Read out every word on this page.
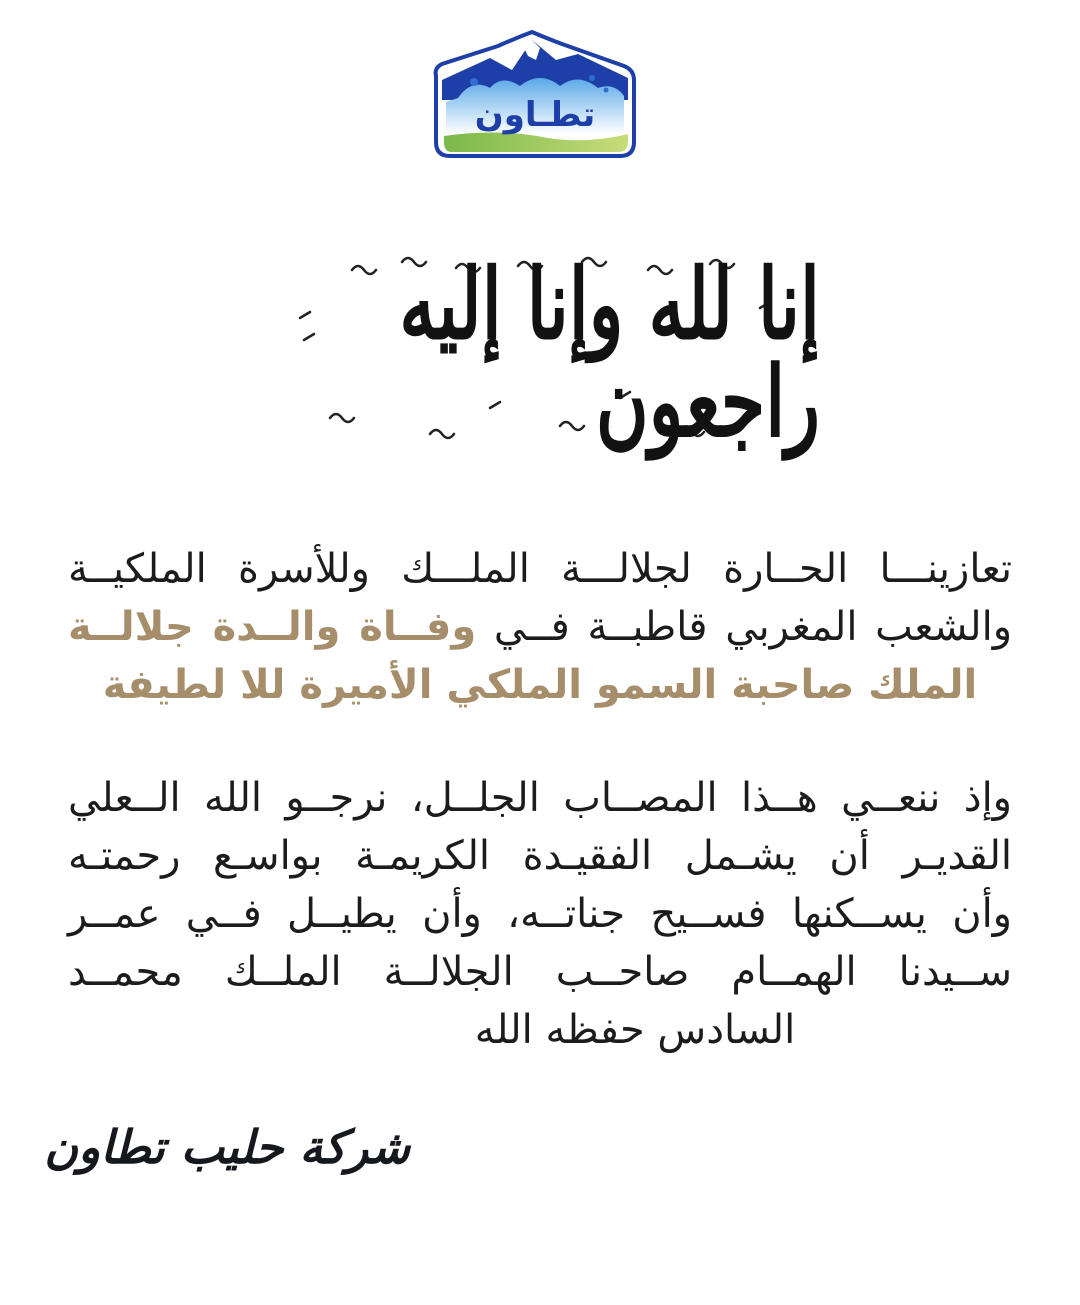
تطـاون
إنا لله وإنا إليه راجعون
تعازينـــا الحــارة لجلالـــة الملـــك وللأسرة الملكيــة
والشعب المغربي قاطبــة فــي وفــاة والــدة جلالــة
الملك صاحبة السمو الملكي الأميرة للا لطيفة
وإذ ننعــي هــذا المصــاب الجلــل، نرجــو الله الــعلي
القديـر أن يشـمل الفقيـدة الكريمـة بواسـع رحمتـه
وأن يســكنها فســيح جناتــه، وأن يطيــل فــي عمــر
ســيدنا الهمــام صاحــب الجلالــة الملــك محمــد
السادس حفظه الله
شركة حليب تطاون
